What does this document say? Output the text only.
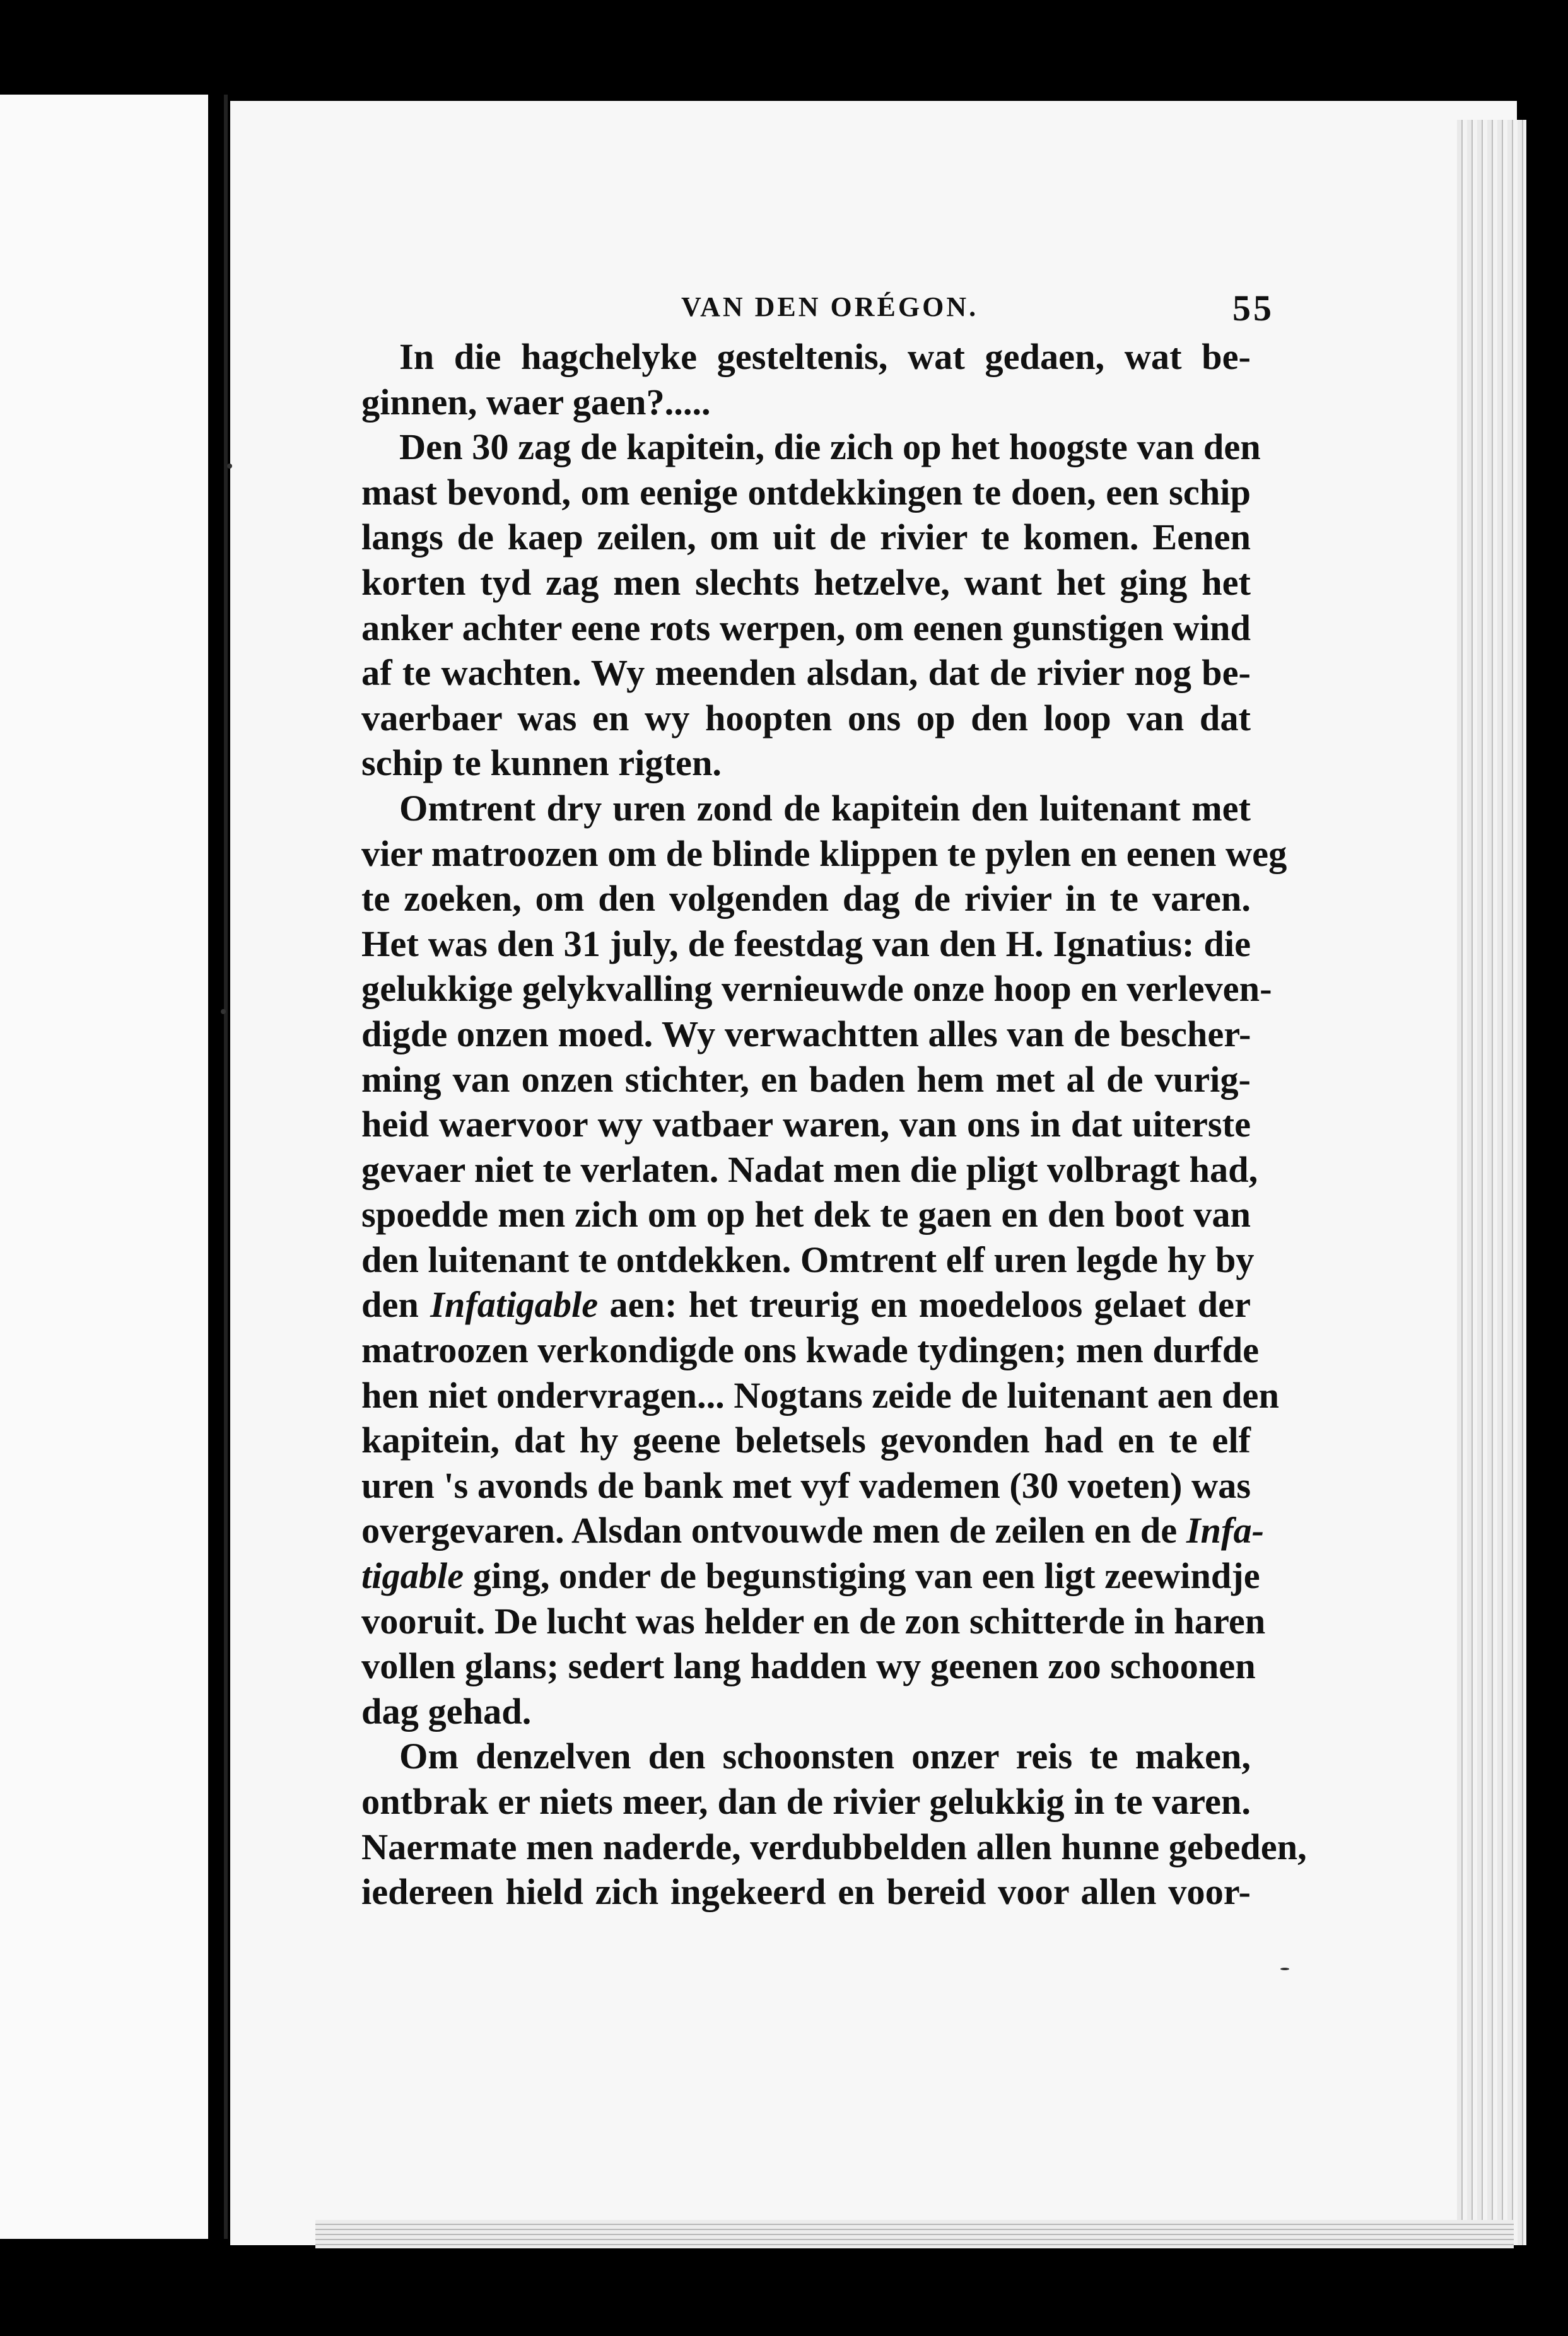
VAN DEN ORÉGON.	55
In die hagchelyke gesteltenis, wat gedaen, wat be-
ginnen, waer gaen?.....
Den 30 zag de kapitein, die zich op het hoogste van den
mast bevond, om eenige ontdekkingen te doen, een schip
langs de kaep zeilen, om uit de rivier te komen. Eenen
korten tyd zag men slechts hetzelve, want het ging het
anker achter eene rots werpen, om eenen gunstigen wind
af te wachten. Wy meenden alsdan, dat de rivier nog be-
vaerbaer was en wy hoopten ons op den loop van dat
schip te kunnen rigten.
Omtrent dry uren zond de kapitein den luitenant met
vier matroozen om de blinde klippen te pylen en eenen weg
te zoeken, om den volgenden dag de rivier in te varen.
Het was den 31 july, de feestdag van den H. Ignatius: die
gelukkige gelykvalling vernieuwde onze hoop en verleven-
digde onzen moed. Wy verwachtten alles van de bescher-
ming van onzen stichter, en baden hem met al de vurig-
heid waervoor wy vatbaer waren, van ons in dat uiterste
gevaer niet te verlaten. Nadat men die pligt volbragt had,
spoedde men zich om op het dek te gaen en den boot van
den luitenant te ontdekken. Omtrent elf uren legde hy by
den Infatigable aen: het treurig en moedeloos gelaet der
matroozen verkondigde ons kwade tydingen; men durfde
hen niet ondervragen... Nogtans zeide de luitenant aen den
kapitein, dat hy geene beletsels gevonden had en te elf
uren 's avonds de bank met vyf vademen (30 voeten) was
overgevaren. Alsdan ontvouwde men de zeilen en de Infa-
tigable ging, onder de begunstiging van een ligt zeewindje
vooruit. De lucht was helder en de zon schitterde in haren
vollen glans; sedert lang hadden wy geenen zoo schoonen
dag gehad.
Om denzelven den schoonsten onzer reis te maken,
ontbrak er niets meer, dan de rivier gelukkig in te varen.
Naermate men naderde, verdubbelden allen hunne gebeden,
iedereen hield zich ingekeerd en bereid voor allen voor-
